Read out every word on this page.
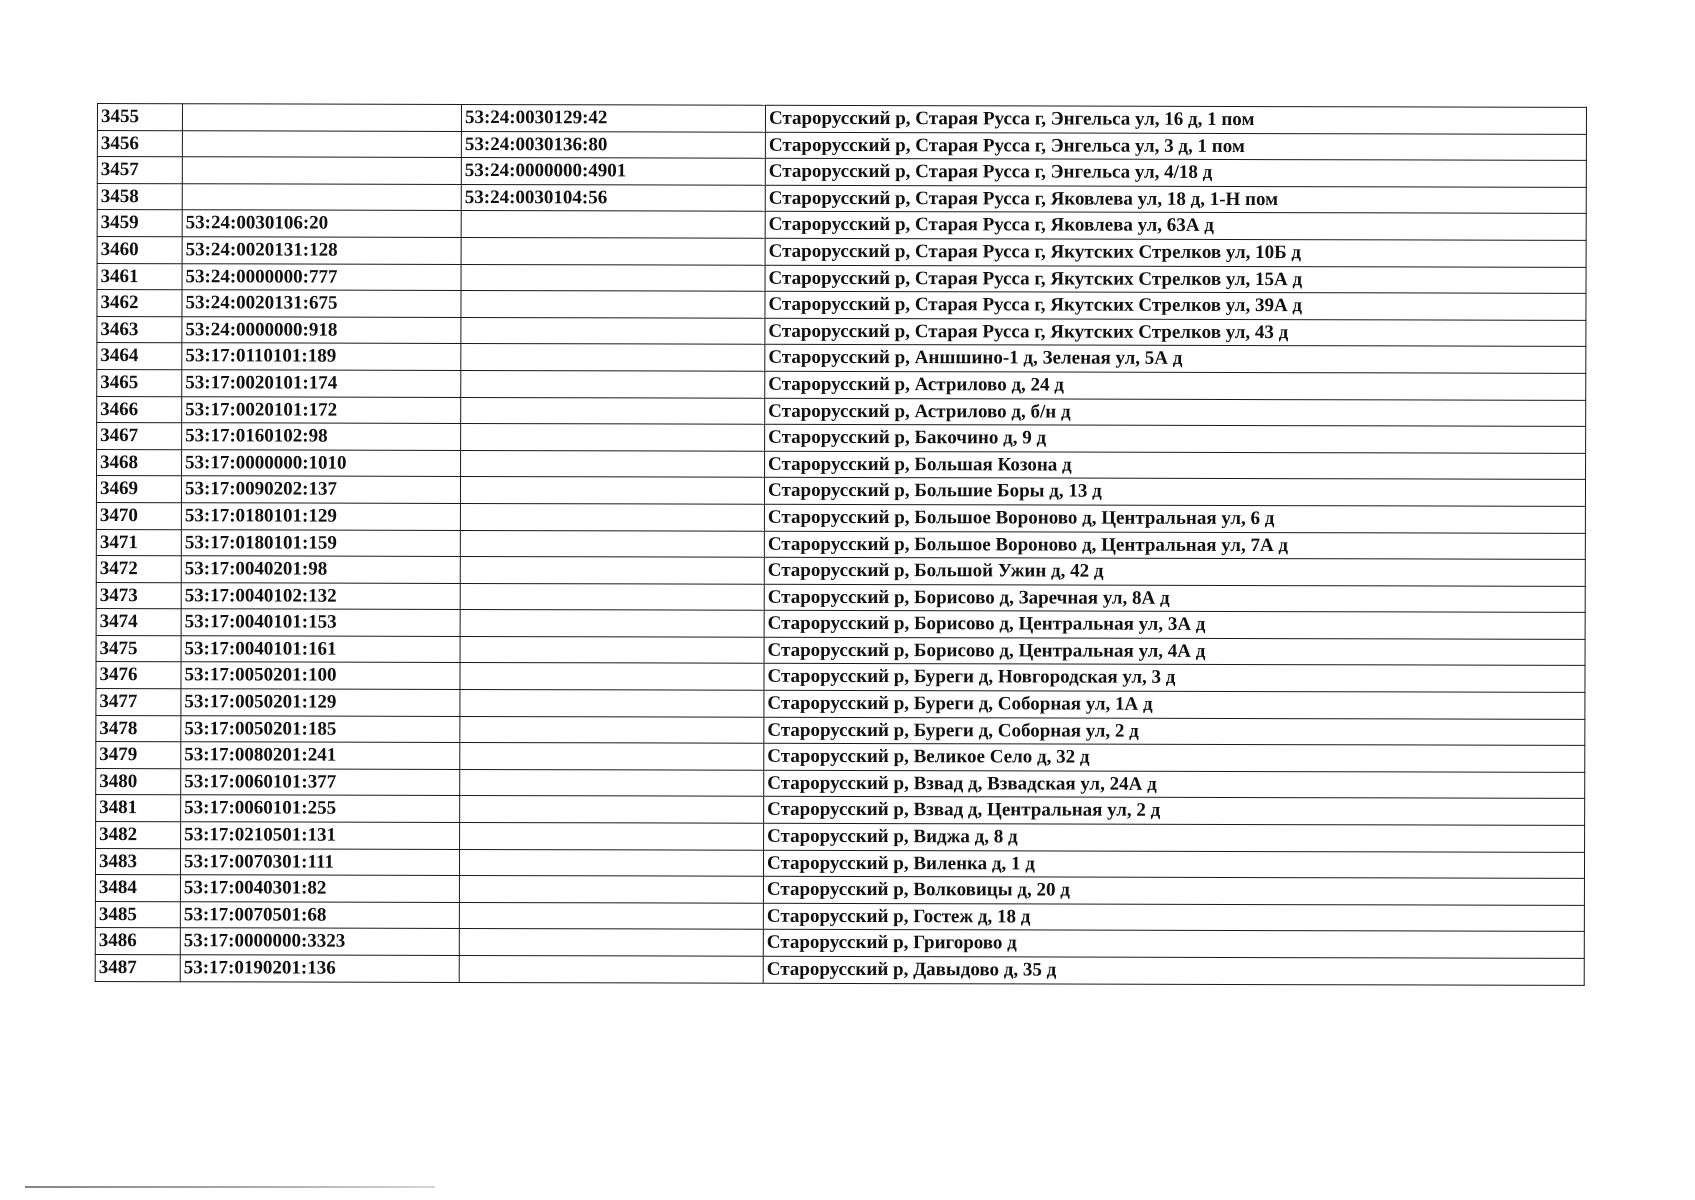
3455		53:24:0030129:42	Старорусский р, Старая Русса г, Энгельса ул, 16 д, 1 пом
3456		53:24:0030136:80	Старорусский р, Старая Русса г, Энгельса ул, 3 д, 1 пом
3457		53:24:0000000:4901	Старорусский р, Старая Русса г, Энгельса ул, 4/18 д
3458		53:24:0030104:56	Старорусский р, Старая Русса г, Яковлева ул, 18 д, 1-Н пом
3459	53:24:0030106:20		Старорусский р, Старая Русса г, Яковлева ул, 63А д
3460	53:24:0020131:128		Старорусский р, Старая Русса г, Якутских Стрелков ул, 10Б д
3461	53:24:0000000:777		Старорусский р, Старая Русса г, Якутских Стрелков ул, 15А д
3462	53:24:0020131:675		Старорусский р, Старая Русса г, Якутских Стрелков ул, 39А д
3463	53:24:0000000:918		Старорусский р, Старая Русса г, Якутских Стрелков ул, 43 д
3464	53:17:0110101:189		Старорусский р, Аншшино-1 д, Зеленая ул, 5А д
3465	53:17:0020101:174		Старорусский р, Астрилово д, 24 д
3466	53:17:0020101:172		Старорусский р, Астрилово д, б/н д
3467	53:17:0160102:98		Старорусский р, Бакочино д, 9 д
3468	53:17:0000000:1010		Старорусский р, Большая Козона д
3469	53:17:0090202:137		Старорусский р, Большие Боры д, 13 д
3470	53:17:0180101:129		Старорусский р, Большое Вороново д, Центральная ул, 6 д
3471	53:17:0180101:159		Старорусский р, Большое Вороново д, Центральная ул, 7А д
3472	53:17:0040201:98		Старорусский р, Большой Ужин д, 42 д
3473	53:17:0040102:132		Старорусский р, Борисово д, Заречная ул, 8А д
3474	53:17:0040101:153		Старорусский р, Борисово д, Центральная ул, 3А д
3475	53:17:0040101:161		Старорусский р, Борисово д, Центральная ул, 4А д
3476	53:17:0050201:100		Старорусский р, Буреги д, Новгородская ул, 3 д
3477	53:17:0050201:129		Старорусский р, Буреги д, Соборная ул, 1А д
3478	53:17:0050201:185		Старорусский р, Буреги д, Соборная ул, 2 д
3479	53:17:0080201:241		Старорусский р, Великое Село д, 32 д
3480	53:17:0060101:377		Старорусский р, Взвад д, Взвадская ул, 24А д
3481	53:17:0060101:255		Старорусский р, Взвад д, Центральная ул, 2 д
3482	53:17:0210501:131		Старорусский р, Виджа д, 8 д
3483	53:17:0070301:111		Старорусский р, Виленка д, 1 д
3484	53:17:0040301:82		Старорусский р, Волковицы д, 20 д
3485	53:17:0070501:68		Старорусский р, Гостеж д, 18 д
3486	53:17:0000000:3323		Старорусский р, Григорово д
3487	53:17:0190201:136		Старорусский р, Давыдово д, 35 д
